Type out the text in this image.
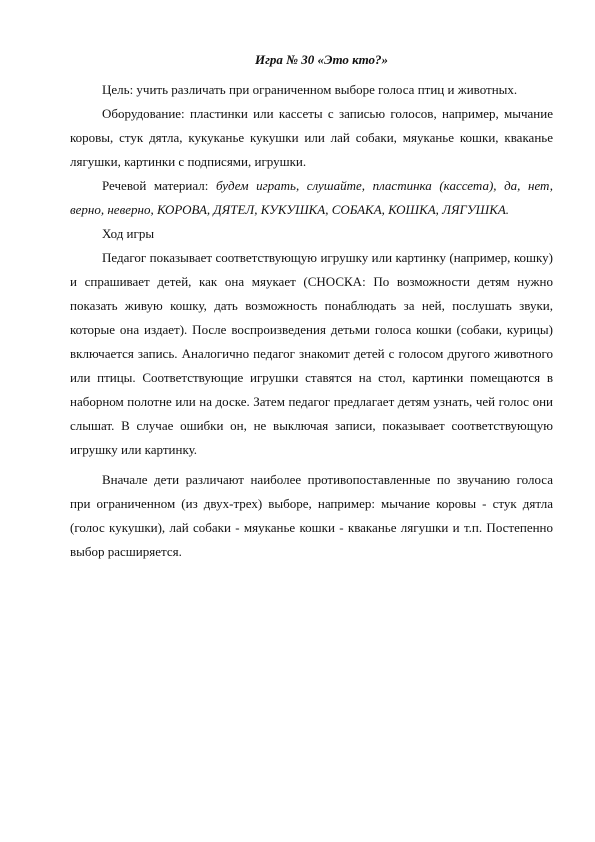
Игра № 30 «Это кто?»

Цель: учить различать при ограниченном выборе голоса птиц и животных.

Оборудование: пластинки или кассеты с записью голосов, например, мычание коровы, стук дятла, кукуканье кукушки или лай собаки, мяуканье кошки, кваканье лягушки, картинки с подписями, игрушки.

Речевой материал: будем играть, слушайте, пластинка (кассета), да, нет, верно, неверно, КОРОВА, ДЯТЕЛ, КУКУШКА, СОБАКА, КОШКА, ЛЯГУШКА.

Ход игры

Педагог показывает соответствующую игрушку или картинку (например, кошку) и спрашивает детей, как она мяукает (СНОСКА: По возможности детям нужно показать живую кошку, дать возможность понаблюдать за ней, послушать звуки, которые она издает). После воспроизведения детьми голоса кошки (собаки, курицы) включается запись. Аналогично педагог знакомит детей с голосом другого животного или птицы. Соответствующие игрушки ставятся на стол, картинки помещаются в наборном полотне или на доске. Затем педагог предлагает детям узнать, чей голос они слышат. В случае ошибки он, не выключая записи, показывает соответствующую игрушку или картинку.

Вначале дети различают наиболее противопоставленные по звучанию голоса при ограниченном (из двух-трех) выборе, например: мычание коровы - стук дятла (голос кукушки), лай собаки - мяуканье кошки - кваканье лягушки и т.п. Постепенно выбор расширяется.
